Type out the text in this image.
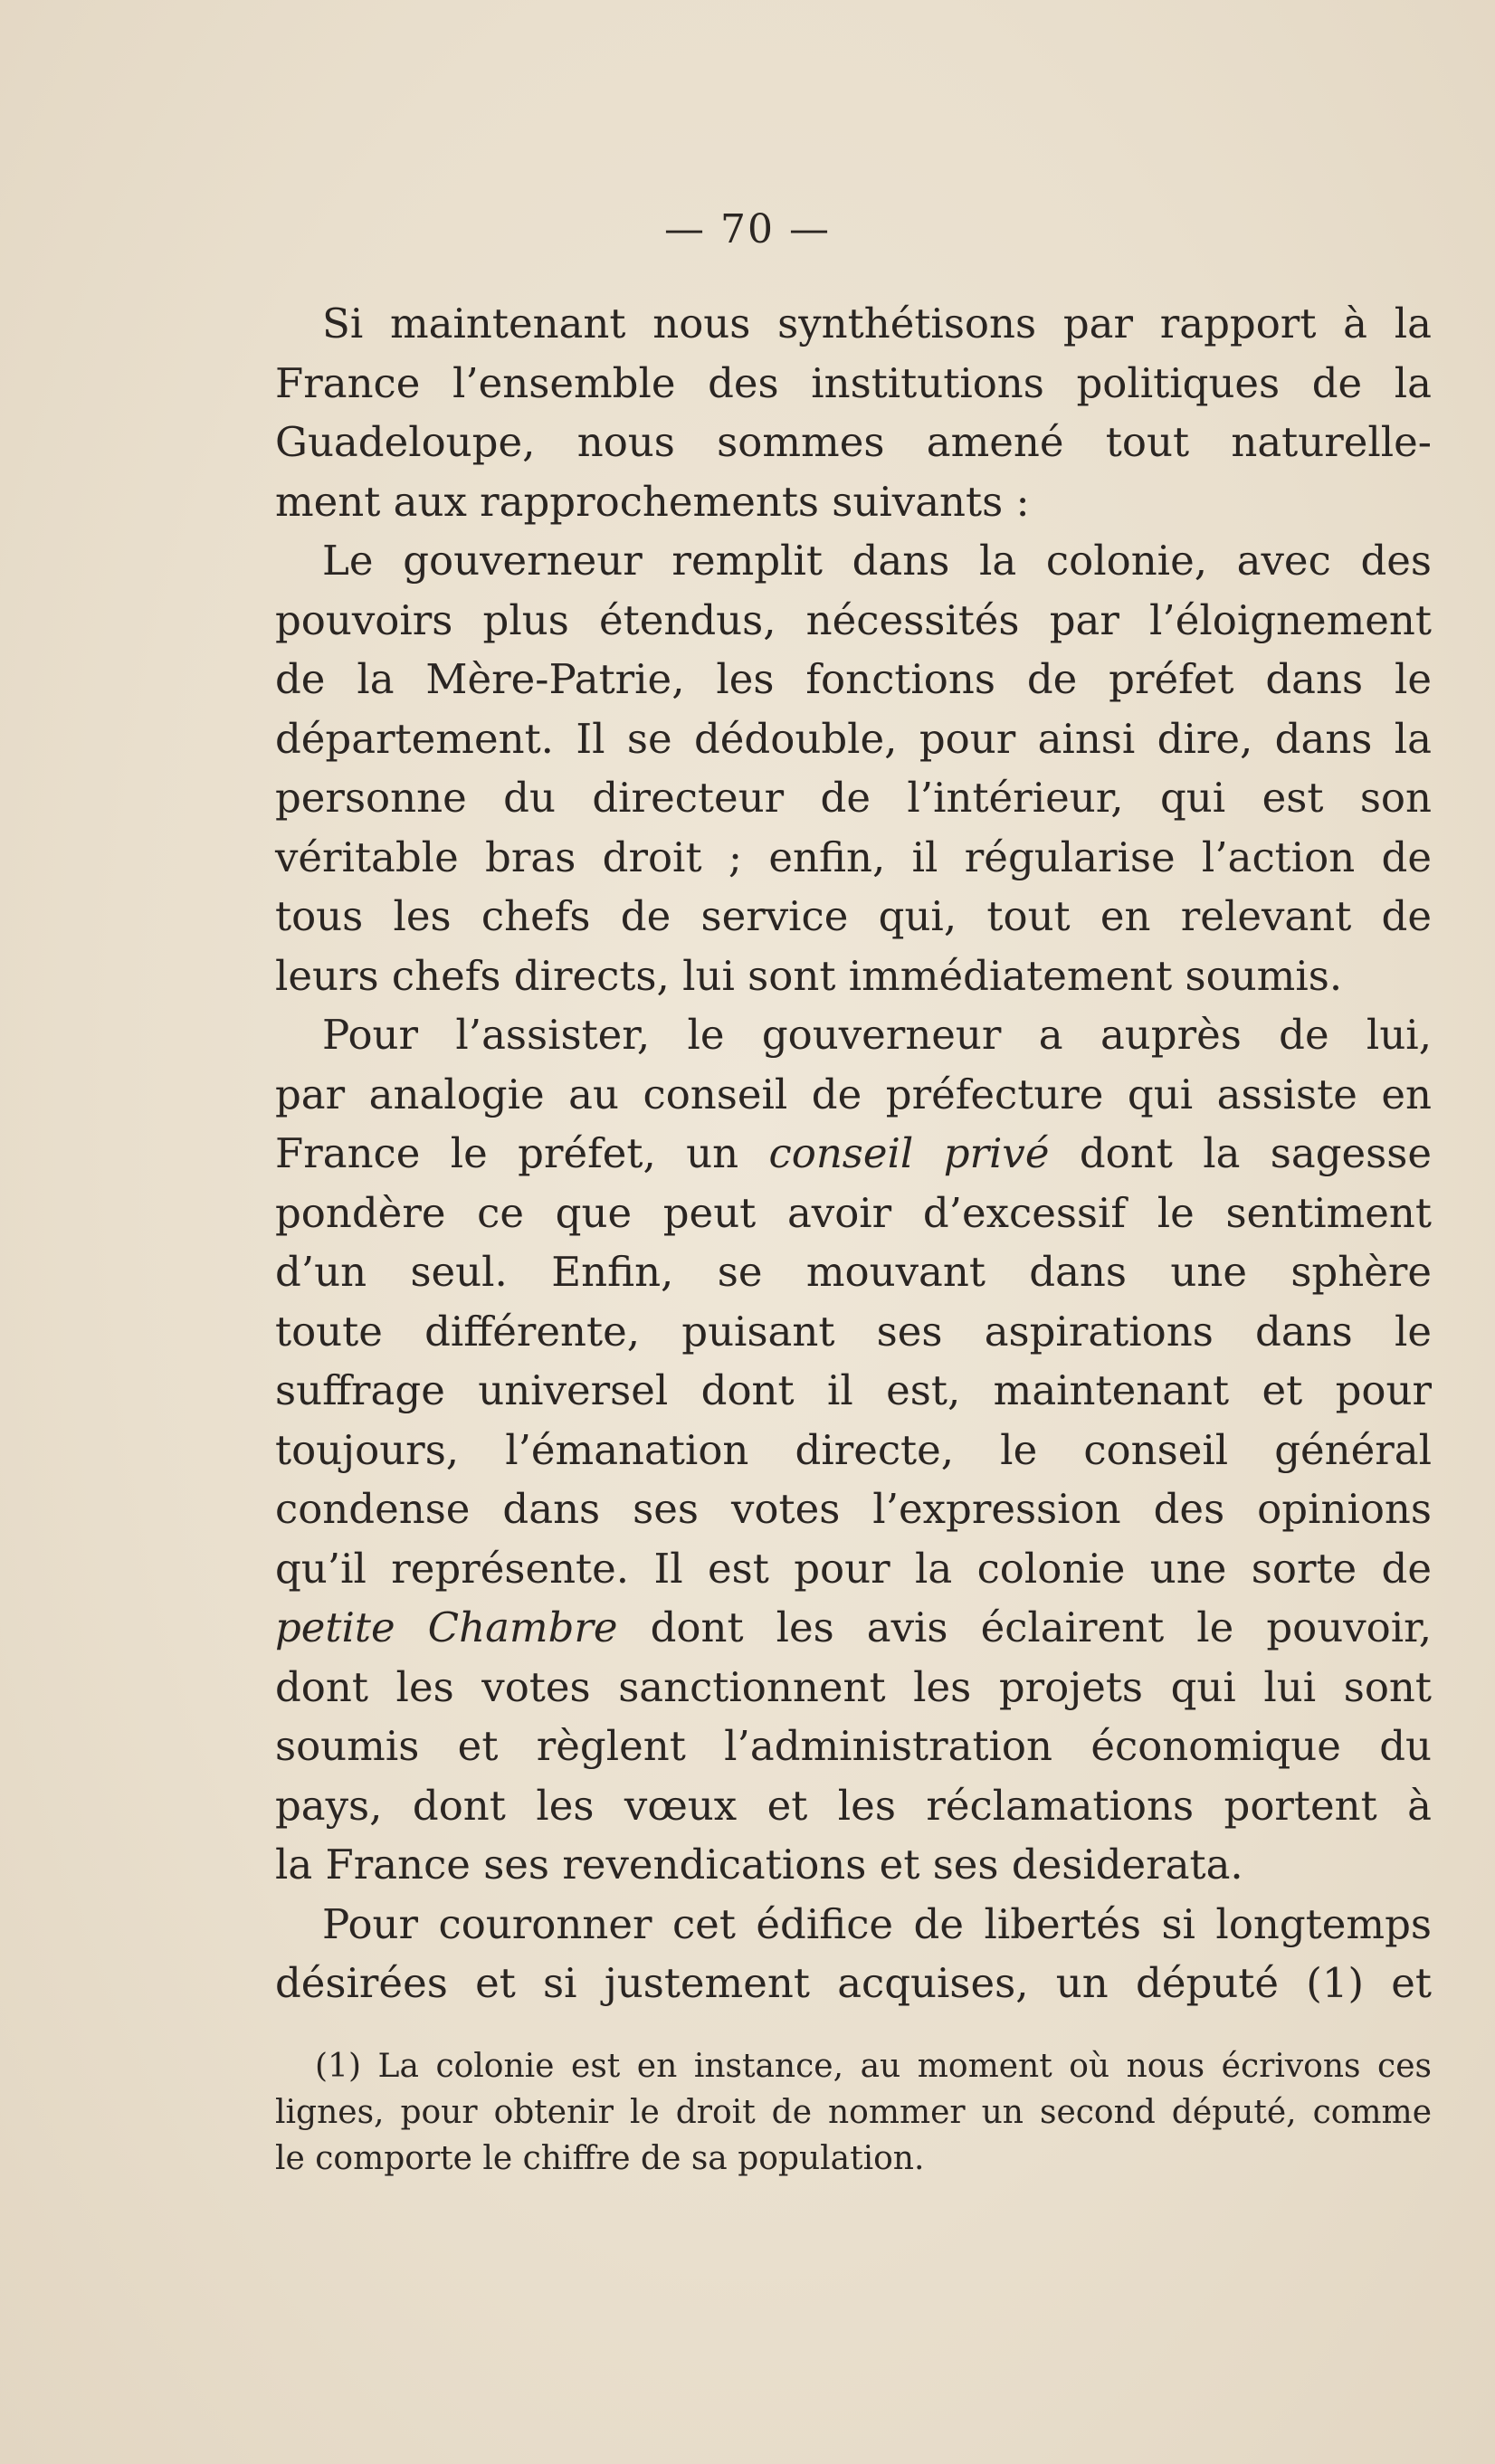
— 70 —
Si maintenant nous synthétisons par rapport à la
France l’ensemble des institutions politiques de la
Guadeloupe, nous sommes amené tout naturelle-
ment aux rapprochements suivants :
Le gouverneur remplit dans la colonie, avec des
pouvoirs plus étendus, nécessités par l’éloignement
de la Mère-Patrie, les fonctions de préfet dans le
département. Il se dédouble, pour ainsi dire, dans la
personne du directeur de l’intérieur, qui est son
véritable bras droit ; enfin, il régularise l’action de
tous les chefs de service qui, tout en relevant de
leurs chefs directs, lui sont immédiatement soumis.
Pour l’assister, le gouverneur a auprès de lui,
par analogie au conseil de préfecture qui assiste en
France le préfet, un conseil privé dont la sagesse
pondère ce que peut avoir d’excessif le sentiment
d’un seul. Enfin, se mouvant dans une sphère
toute différente, puisant ses aspirations dans le
suffrage universel dont il est, maintenant et pour
toujours, l’émanation directe, le conseil général
condense dans ses votes l’expression des opinions
qu’il représente. Il est pour la colonie une sorte de
petite Chambre dont les avis éclairent le pouvoir,
dont les votes sanctionnent les projets qui lui sont
soumis et règlent l’administration économique du
pays, dont les vœux et les réclamations portent à
la France ses revendications et ses desiderata.
Pour couronner cet édifice de libertés si longtemps
désirées et si justement acquises, un député (1) et
(1) La colonie est en instance, au moment où nous écrivons ces
lignes, pour obtenir le droit de nommer un second député, comme
le comporte le chiffre de sa population.
